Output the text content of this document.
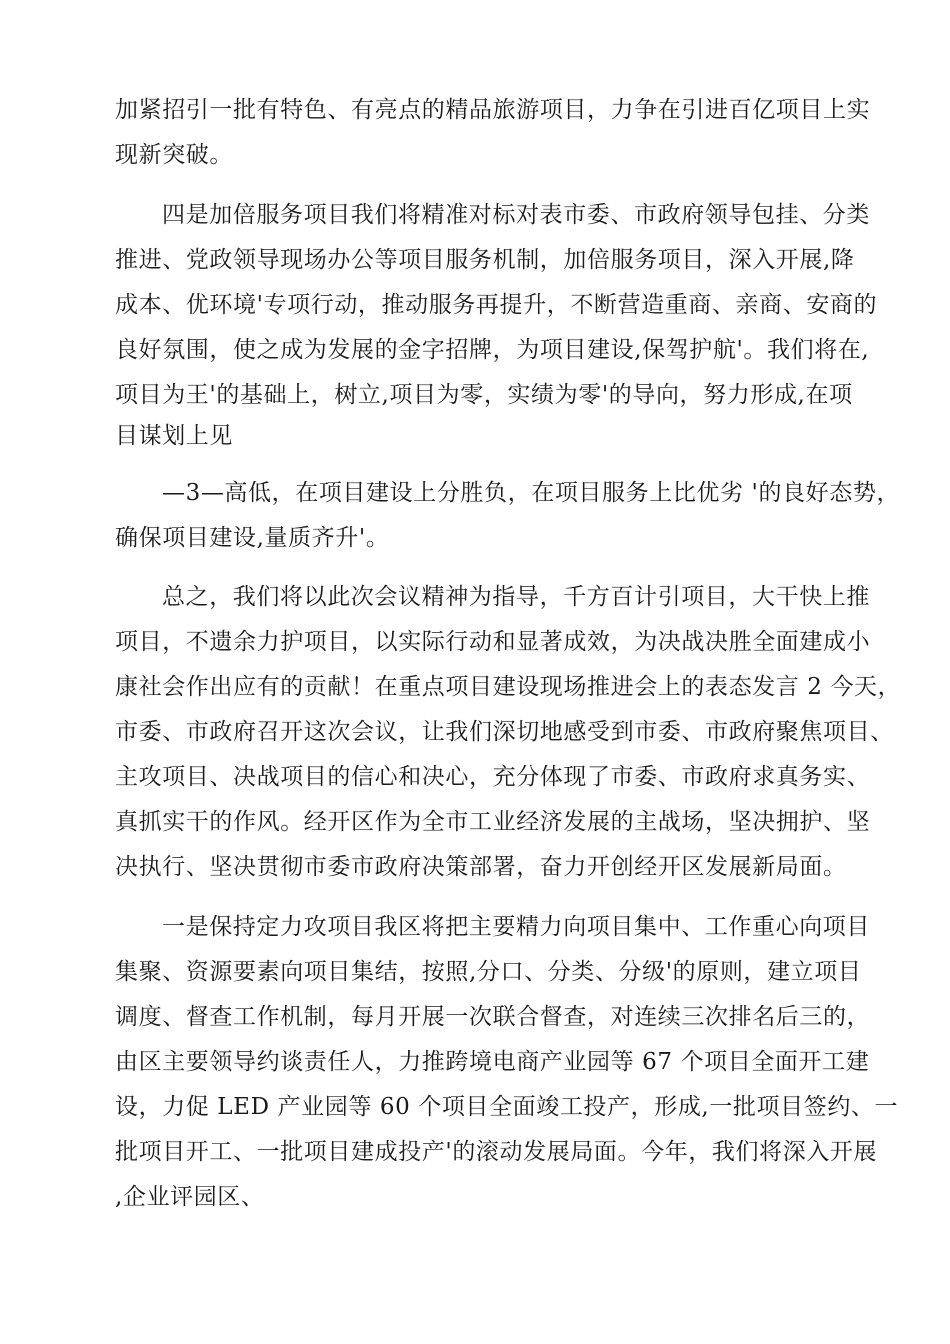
加紧招引一批有特色、有亮点的精品旅游项目，力争在引进百亿项目上实
现新突破。
四是加倍服务项目我们将精准对标对表市委、市政府领导包挂、分类
推进、党政领导现场办公等项目服务机制，加倍服务项目，深入开展,降
成本、优环境'专项行动，推动服务再提升，不断营造重商、亲商、安商的
良好氛围，使之成为发展的金字招牌，为项目建设,保驾护航'。我们将在,
项目为王'的基础上，树立,项目为零，实绩为零'的导向，努力形成,在项
目谋划上见
—3—高低，在项目建设上分胜负，在项目服务上比优劣 '的良好态势，
确保项目建设,量质齐升'。
总之，我们将以此次会议精神为指导，千方百计引项目，大干快上推
项目，不遗余力护项目，以实际行动和显著成效，为决战决胜全面建成小
康社会作出应有的贡献！在重点项目建设现场推进会上的表态发言 2 今天，
市委、市政府召开这次会议，让我们深切地感受到市委、市政府聚焦项目、
主攻项目、决战项目的信心和决心，充分体现了市委、市政府求真务实、
真抓实干的作风。经开区作为全市工业经济发展的主战场，坚决拥护、坚
决执行、坚决贯彻市委市政府决策部署，奋力开创经开区发展新局面。
一是保持定力攻项目我区将把主要精力向项目集中、工作重心向项目
集聚、资源要素向项目集结，按照,分口、分类、分级'的原则，建立项目
调度、督查工作机制，每月开展一次联合督查，对连续三次排名后三的，
由区主要领导约谈责任人，力推跨境电商产业园等 67 个项目全面开工建
设，力促 LED 产业园等 60 个项目全面竣工投产，形成,一批项目签约、一
批项目开工、一批项目建成投产'的滚动发展局面。今年，我们将深入开展
,企业评园区、
